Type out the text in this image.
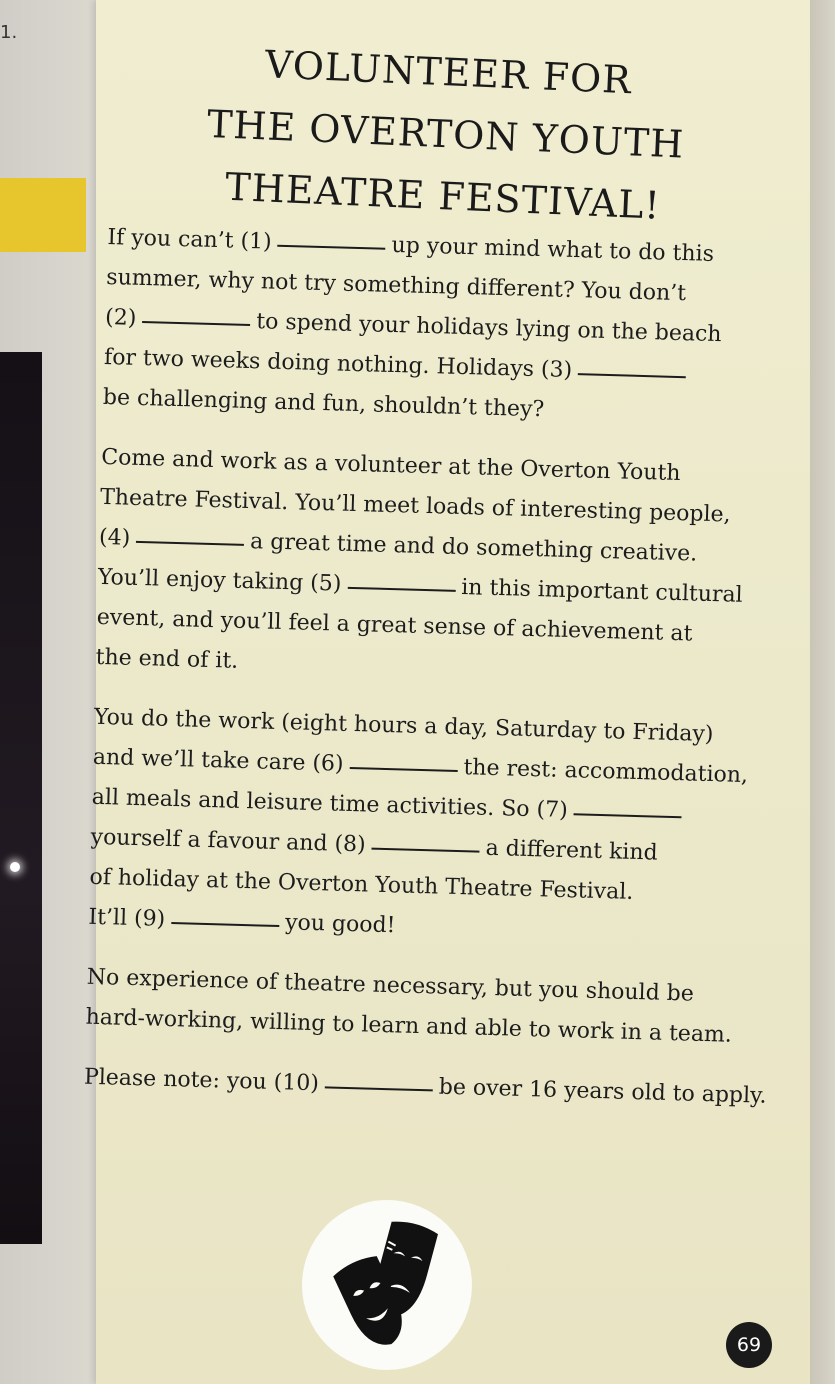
1.
VOLUNTEER FOR
THE OVERTON YOUTH
THEATRE FESTIVAL!
If you can’t (1)	up your mind what to do this
summer, why not try something different? You don’t
(2)	to spend your holidays lying on the beach
for two weeks doing nothing. Holidays (3)
be challenging and fun, shouldn’t they?
Come and work as a volunteer at the Overton Youth
Theatre Festival. You’ll meet loads of interesting people,
(4)	a great time and do something creative.
You’ll enjoy taking (5)	in this important cultural
event, and you’ll feel a great sense of achievement at
the end of it.
You do the work (eight hours a day, Saturday to Friday)
and we’ll take care (6)	the rest: accommodation,
all meals and leisure time activities. So (7)
yourself a favour and (8)	a different kind
of holiday at the Overton Youth Theatre Festival.
It’ll (9)	you good!
No experience of theatre necessary, but you should be
hard-working, willing to learn and able to work in a team.
Please note: you (10)	be over 16 years old to apply.
69
